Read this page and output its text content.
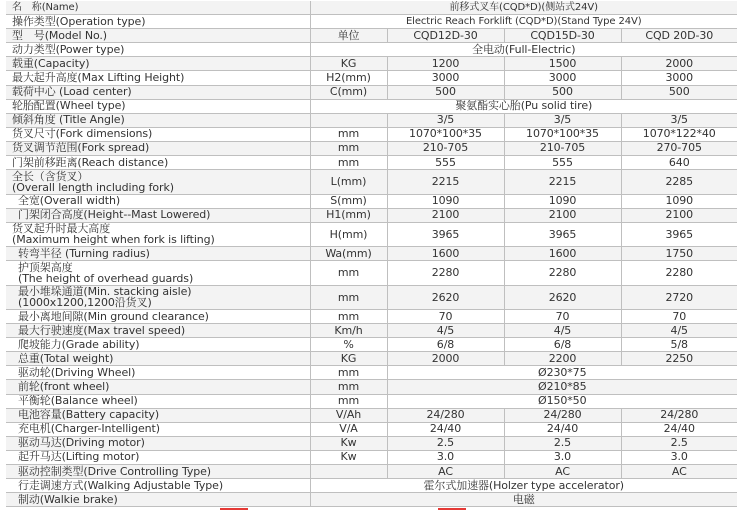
名　称(Name)	前移式叉车(CQD*D)(侧站式24V)			

操作类型(Operation type)	Electric Reach Forklift (CQD*D)(Stand Type 24V)			

型　号(Model No.)	单位	CQD12D-30	CQD15D-30	CQD 20D-30

动力类型(Power type)	全电动(Full-Electric)			

载重(Capacity)	KG	1200	1500	2000

最大起升高度(Max Lifting Height)	H2(mm)	3000	3000	3000

载荷中心 (Load center)	C(mm)	500	500	500

轮胎配置(Wheel type)	聚氨酯实心胎(Pu solid tire)			

倾斜角度 (Title Angle)		3/5	3/5	3/5

货叉尺寸(Fork dimensions)	mm	1070*100*35	1070*100*35	1070*122*40

货叉调节范围(Fork spread)	mm	210-705	210-705	270-705

门架前移距离(Reach distance)	mm	555	555	640

全长（含货叉）
(Overall length including fork)	L(mm)	2215	2215	2285

全宽(Overall width)	S(mm)	1090	1090	1090

门架闭合高度(Height--Mast Lowered)	H1(mm)	2100	2100	2100

货叉起升时最大高度
(Maximum height when fork is lifting)	H(mm)	3965	3965	3965

转弯半径 (Turning radius)	Wa(mm)	1600	1600	1750

护顶架高度
(The height of overhead guards)	mm	2280	2280	2280

最小堆垛通道(Min. stacking aisle)
(1000x1200,1200沿货叉)	mm	2620	2620	2720

最小离地间隙(Min ground clearance)	mm	70	70	70

最大行驶速度(Max travel speed)	Km/h	4/5	4/5	4/5

爬坡能力(Grade ability)	%	6/8	6/8	5/8

总重(Total weight)	KG	2000	2200	2250

驱动轮(Driving Wheel)	mm	Ø230*75		

前轮(front wheel)	mm	Ø210*85		

平衡轮(Balance wheel)	mm	Ø150*50		

电池容量(Battery capacity)	V/Ah	24/280	24/280	24/280

充电机(Charger-Intelligent)	V/A	24/40	24/40	24/40

驱动马达(Driving motor)	Kw	2.5	2.5	2.5

起升马达(Lifting motor)	Kw	3.0	3.0	3.0

驱动控制类型(Drive Controlling Type)		AC	AC	AC

行走调速方式(Walking Adjustable Type)	霍尔式加速器(Holzer type accelerator)			

制动(Walkie brake)	电磁			
